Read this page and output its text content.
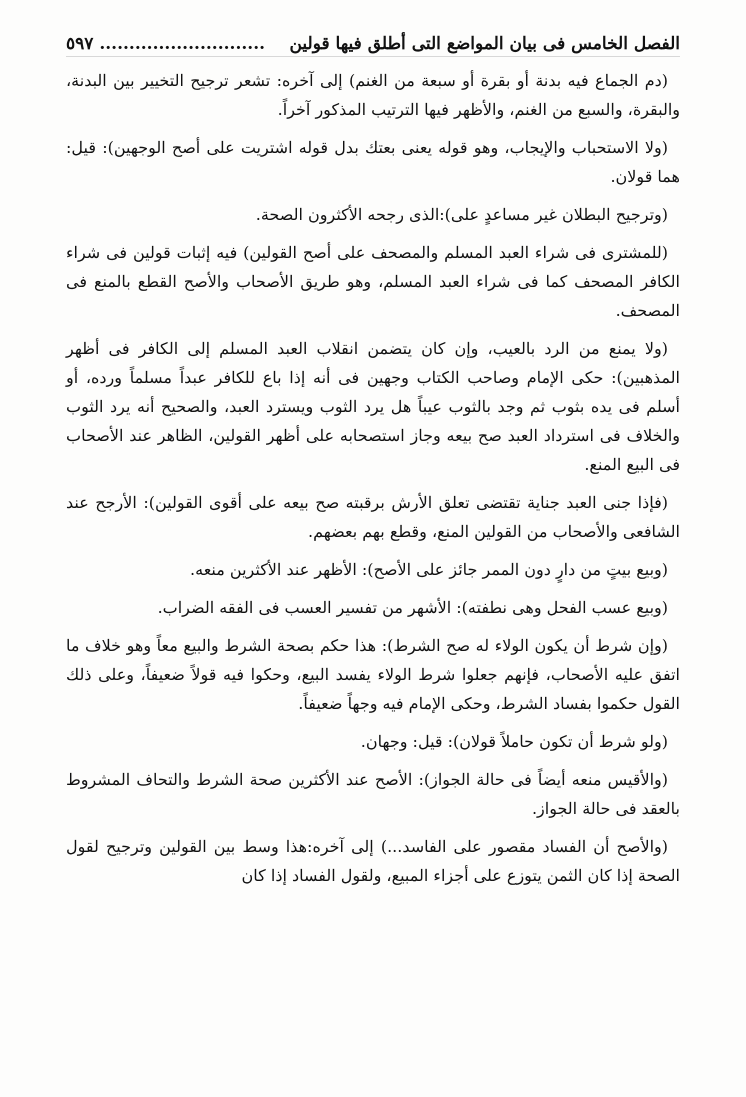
الفصل الخامس فى بيان المواضع التى أطلق فيها قولين
٥٩٧ ............................

(دم الجماع فيه بدنة أو بقرة أو سبعة من الغنم) إلى آخره: تشعر ترجيح التخيير بين البدنة، والبقرة، والسبع من الغنم، والأظهر فيها الترتيب المذكور آخراً.

(ولا الاستحباب والإيجاب، وهو قوله يعنى بعتك بدل قوله اشتريت على أصح الوجهين): قيل: هما قولان.

(وترجيح البطلان غير مساعدٍ على):الذى رجحه الأكثرون الصحة.

(للمشترى فى شراء العبد المسلم والمصحف على أصح القولين) فيه إثبات قولين فى شراء الكافر المصحف كما فى شراء العبد المسلم، وهو طريق الأصحاب والأصح القطع بالمنع فى المصحف.

(ولا يمنع من الرد بالعيب، وإن كان يتضمن انقلاب العبد المسلم إلى الكافر فى أظهر المذهبين): حكى الإمام وصاحب الكتاب وجهين فى أنه إذا باع للكافر عبداً مسلماً ورده، أو أسلم فى يده بثوب ثم وجد بالثوب عيباً هل يرد الثوب ويسترد العبد، والصحيح أنه يرد الثوب والخلاف فى استرداد العبد صح بيعه وجاز استصحابه على أظهر القولين، الظاهر عند الأصحاب فى البيع المنع.

(فإذا جنى العبد جناية تقتضى تعلق الأرش برقبته صح بيعه على أقوى القولين): الأرجح عند الشافعى والأصحاب من القولين المنع، وقطع بهم بعضهم.

(وبيع بيتٍ من دارٍ دون الممر جائز على الأصح): الأظهر عند الأكثرين منعه.

(وبيع عسب الفحل وهى نطفته): الأشهر من تفسير العسب فى الفقه الضراب.

(وإن شرط أن يكون الولاء له صح الشرط): هذا حكم بصحة الشرط والبيع معاً وهو خلاف ما اتفق عليه الأصحاب، فإنهم جعلوا شرط الولاء يفسد البيع، وحكوا فيه قولاً ضعيفاً، وعلى ذلك القول حكموا بفساد الشرط، وحكى الإمام فيه وجهاً ضعيفاً.

(ولو شرط أن تكون حاملاً قولان): قيل: وجهان.

(والأقيس منعه أيضاً فى حالة الجواز): الأصح عند الأكثرين صحة الشرط والتحاف المشروط بالعقد فى حالة الجواز.

(والأصح أن الفساد مقصور على الفاسد...) إلى آخره:هذا وسط بين القولين وترجيح لقول الصحة إذا كان الثمن يتوزع على أجزاء المبيع، ولقول الفساد إذا كان
